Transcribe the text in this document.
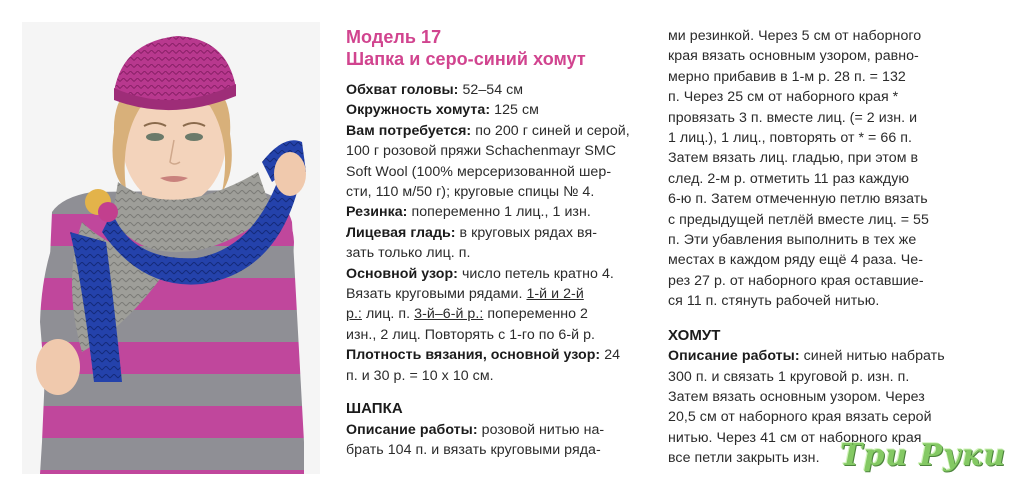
Модель 17
Шапка и серо-синий хомут
Обхват головы: 52–54 см
Окружность хомута: 125 см
Вам потребуется: по 200 г синей и серой,
100 г розовой пряжи Schachenmayr SMC
Soft Wool (100% мерсеризованной шер-
сти, 110 м/50 г); круговые спицы № 4.
Резинка: попеременно 1 лиц., 1 изн.
Лицевая гладь: в круговых рядах вя-
зать только лиц. п.
Основной узор: число петель кратно 4.
Вязать круговыми рядами. 1-й и 2-й
р.: лиц. п. 3-й–6-й р.: попеременно 2
изн., 2 лиц. Повторять с 1-го по 6-й р.
Плотность вязания, основной узор: 24
п. и 30 р. = 10 х 10 см.
ШАПКА
Описание работы: розовой нитью на-
брать 104 п. и вязать круговыми ряда-
ми резинкой. Через 5 см от наборного
края вязать основным узором, равно-
мерно прибавив в 1-м р. 28 п. = 132
п. Через 25 см от наборного края *
провязать 3 п. вместе лиц. (= 2 изн. и
1 лиц.), 1 лиц., повторять от * = 66 п.
Затем вязать лиц. гладью, при этом в
след. 2-м р. отметить 11 раз каждую
6-ю п. Затем отмеченную петлю вязать
с предыдущей петлёй вместе лиц. = 55
п. Эти убавления выполнить в тех же
местах в каждом ряду ещё 4 раза. Че-
рез 27 р. от наборного края оставшие-
ся 11 п. стянуть рабочей нитью.
ХОМУТ
Описание работы: синей нитью набрать
300 п. и связать 1 круговой р. изн. п.
Затем вязать основным узором. Через
20,5 см от наборного края вязать серой
нитью. Через 41 см от наборного края
все петли закрыть изн. Три Руки
